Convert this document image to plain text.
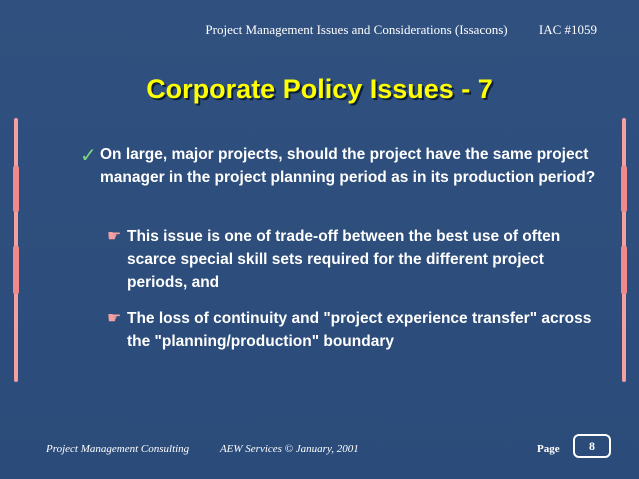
Project Management Issues and Considerations (Issacons) IAC #1059
Corporate Policy Issues - 7
✓ On large, major projects, should the project have the same project manager in the project planning period as in its production period?
☛ This issue is one of trade-off between the best use of often scarce special skill sets required for the different project periods, and
☛ The loss of continuity and "project experience transfer" across the "planning/production" boundary
Project Management Consulting	AEW Services © January, 2001	Page	8
